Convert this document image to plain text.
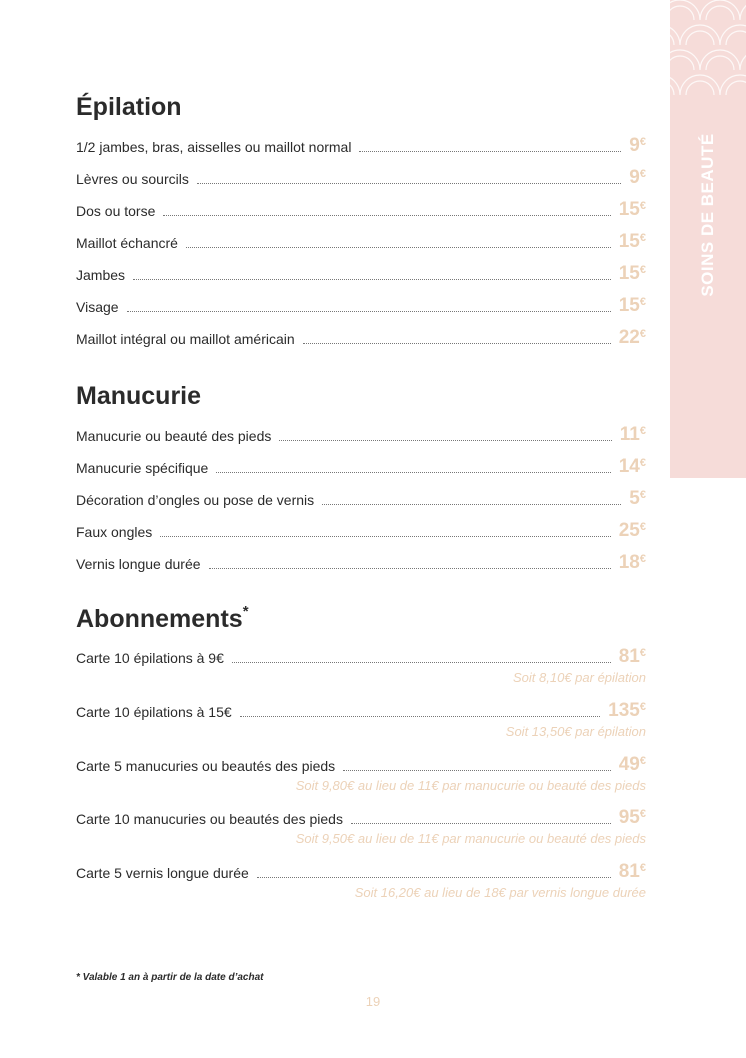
SOINS DE BEAUTÉ
Épilation
1/2 jambes, bras, aisselles ou maillot normal	9€
Lèvres ou sourcils	9€
Dos ou torse	15€
Maillot échancré	15€
Jambes	15€
Visage	15€
Maillot intégral ou maillot américain	22€
Manucurie
Manucurie ou beauté des pieds	11€
Manucurie spécifique	14€
Décoration d’ongles ou pose de vernis	5€
Faux ongles	25€
Vernis longue durée	18€
Abonnements*
Carte 10 épilations à 9€	81€
Soit 8,10€ par épilation
Carte 10 épilations à 15€	135€
Soit 13,50€ par épilation
Carte 5 manucuries ou beautés des pieds	49€
Soit 9,80€ au lieu de 11€ par manucurie ou beauté des pieds
Carte 10 manucuries ou beautés des pieds	95€
Soit 9,50€ au lieu de 11€ par manucurie ou beauté des pieds
Carte 5 vernis longue durée	81€
Soit 16,20€ au lieu de 18€ par vernis longue durée
* Valable 1 an à partir de la date d’achat
19
